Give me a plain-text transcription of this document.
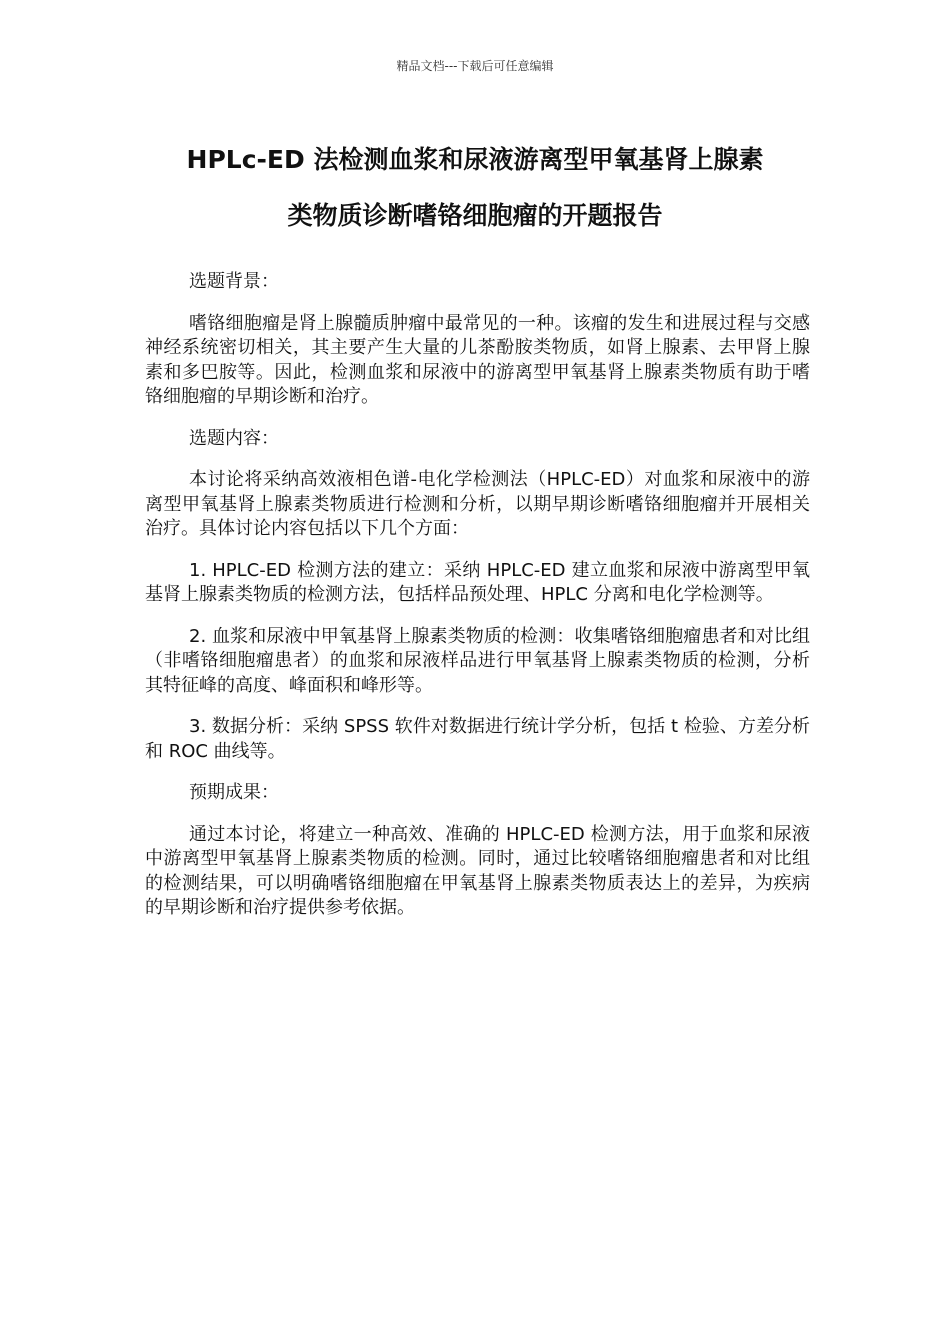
精品文档---下载后可任意编辑
HPLc-ED 法检测血浆和尿液游离型甲氧基肾上腺素
类物质诊断嗜铬细胞瘤的开题报告

选题背景：

嗜铬细胞瘤是肾上腺髓质肿瘤中最常见的一种。该瘤的发生和进展过程与交感神经系统密切相关，其主要产生大量的儿茶酚胺类物质，如肾上腺素、去甲肾上腺素和多巴胺等。因此，检测血浆和尿液中的游离型甲氧基肾上腺素类物质有助于嗜铬细胞瘤的早期诊断和治疗。

选题内容：

本讨论将采纳高效液相色谱-电化学检测法（HPLC-ED）对血浆和尿液中的游离型甲氧基肾上腺素类物质进行检测和分析，以期早期诊断嗜铬细胞瘤并开展相关治疗。具体讨论内容包括以下几个方面：

1. HPLC-ED 检测方法的建立：采纳 HPLC-ED 建立血浆和尿液中游离型甲氧基肾上腺素类物质的检测方法，包括样品预处理、HPLC 分离和电化学检测等。

2. 血浆和尿液中甲氧基肾上腺素类物质的检测：收集嗜铬细胞瘤患者和对比组（非嗜铬细胞瘤患者）的血浆和尿液样品进行甲氧基肾上腺素类物质的检测，分析其特征峰的高度、峰面积和峰形等。

3. 数据分析：采纳 SPSS 软件对数据进行统计学分析，包括 t 检验、方差分析和 ROC 曲线等。

预期成果：

通过本讨论，将建立一种高效、准确的 HPLC-ED 检测方法，用于血浆和尿液中游离型甲氧基肾上腺素类物质的检测。同时，通过比较嗜铬细胞瘤患者和对比组的检测结果，可以明确嗜铬细胞瘤在甲氧基肾上腺素类物质表达上的差异，为疾病的早期诊断和治疗提供参考依据。
